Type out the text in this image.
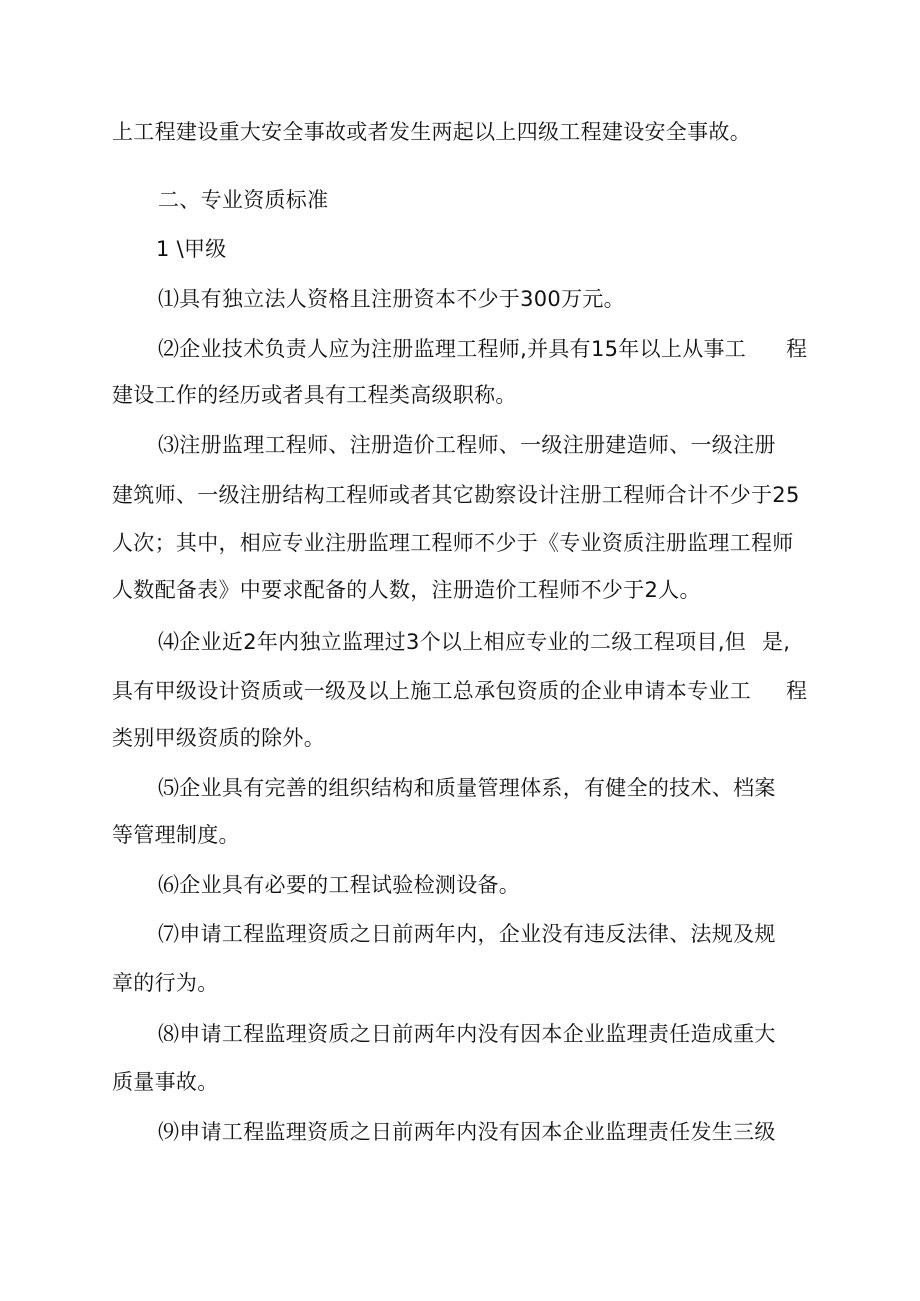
上工程建设重大安全事故或者发生两起以上四级工程建设安全事故。
二、专业资质标准
1 \甲级
⑴具有独立法人资格且注册资本不少于300万元。
⑵企业技术负责人应为注册监理工程师,并具有15年以上从事工 程
建设工作的经历或者具有工程类高级职称。
⑶注册监理工程师、注册造价工程师、一级注册建造师、一级注册
建筑师、一级注册结构工程师或者其它勘察设计注册工程师合计不少于25
人次；其中，相应专业注册监理工程师不少于《专业资质注册监理工程师
人数配备表》中要求配备的人数，注册造价工程师不少于2人。
⑷企业近2年内独立监理过3个以上相应专业的二级工程项目,但 是,
具有甲级设计资质或一级及以上施工总承包资质的企业申请本专业工 程
类别甲级资质的除外。
⑸企业具有完善的组织结构和质量管理体系，有健全的技术、档案
等管理制度。
⑹企业具有必要的工程试验检测设备。
⑺申请工程监理资质之日前两年内，企业没有违反法律、法规及规
章的行为。
⑻申请工程监理资质之日前两年内没有因本企业监理责任造成重大
质量事故。
⑼申请工程监理资质之日前两年内没有因本企业监理责任发生三级
